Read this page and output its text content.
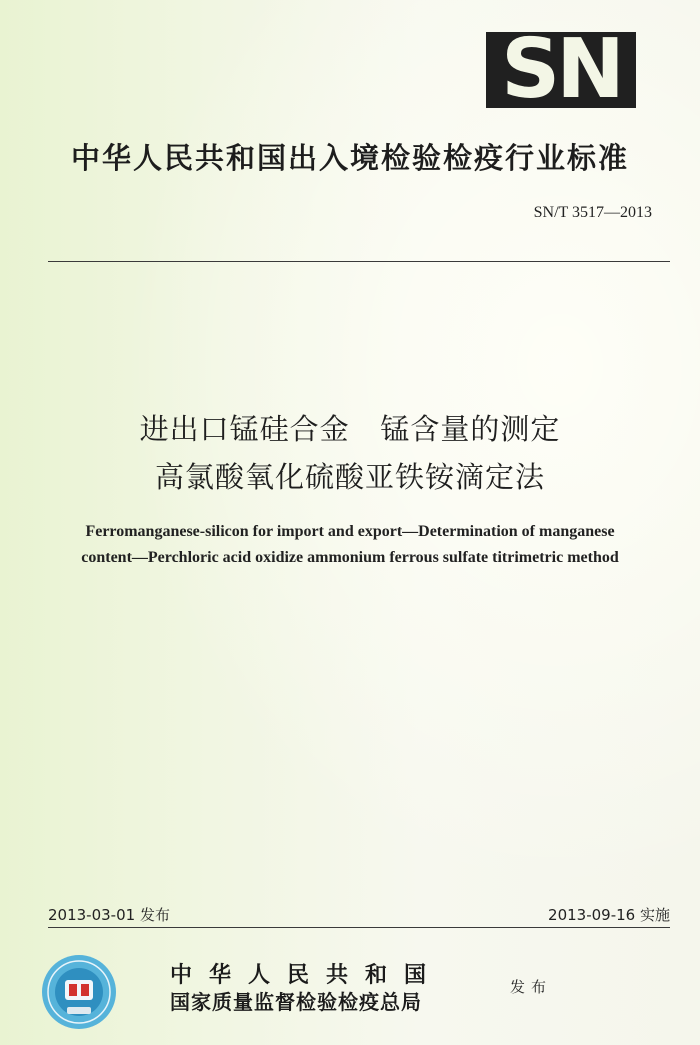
SN
中华人民共和国出入境检验检疫行业标准
SN/T 3517—2013
进出口锰硅合金   锰含量的测定
高氯酸氧化硫酸亚铁铵滴定法
Ferromanganese-silicon for import and export—Determination of manganese
content—Perchloric acid oxidize ammonium ferrous sulfate titrimetric method
2013-03-01 发布	2013-09-16 实施
中华人民共和国
国家质量监督检验检疫总局
发布
